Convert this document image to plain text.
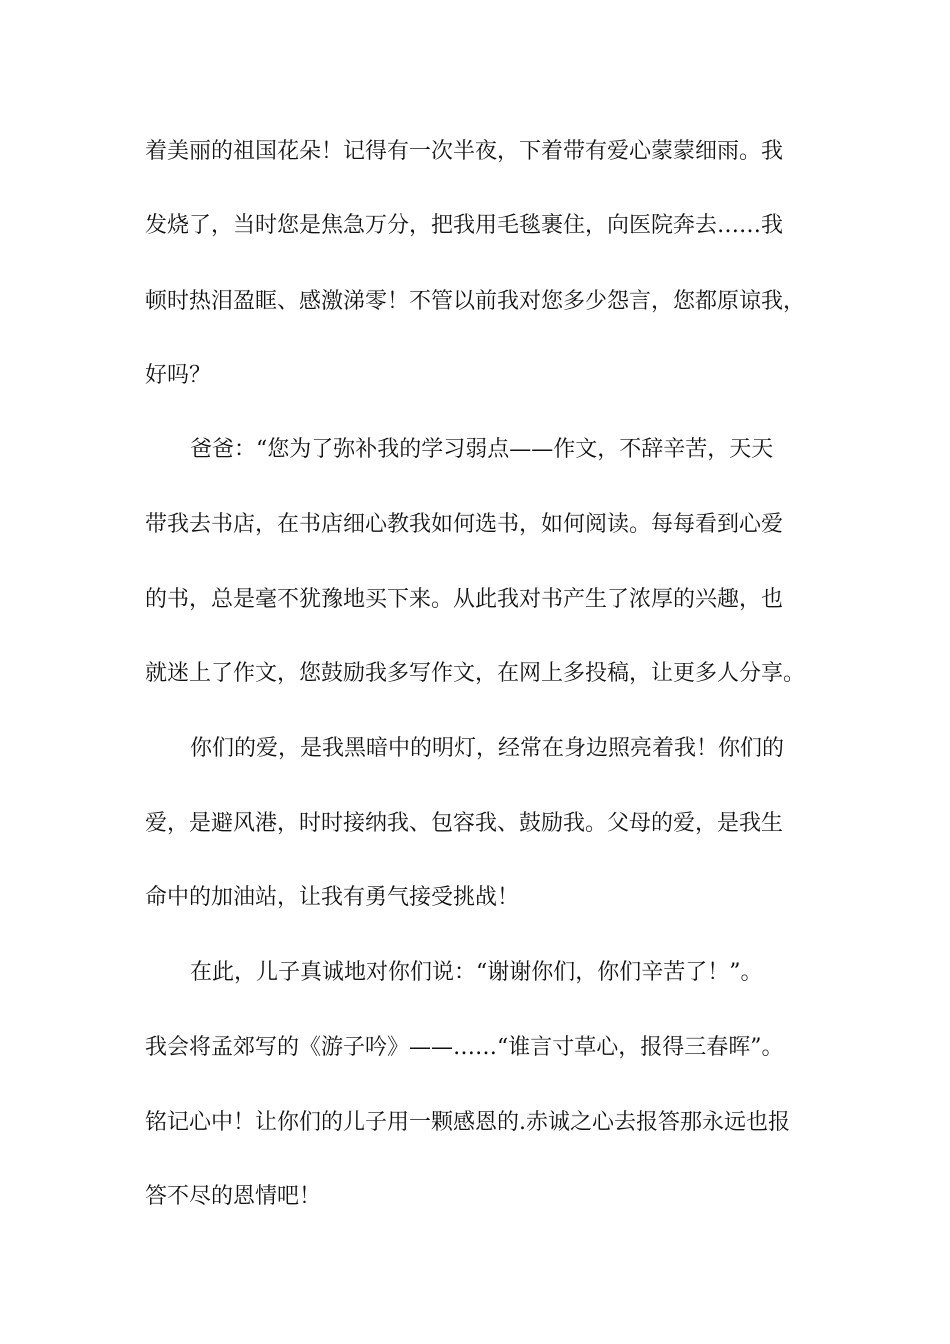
着美丽的祖国花朵！记得有一次半夜，下着带有爱心蒙蒙细雨。我
发烧了，当时您是焦急万分，把我用毛毯裹住，向医院奔去……我
顿时热泪盈眶、感激涕零！不管以前我对您多少怨言，您都原谅我，
好吗？
爸爸：“您为了弥补我的学习弱点——作文，不辞辛苦，天天
带我去书店，在书店细心教我如何选书，如何阅读。每每看到心爱
的书，总是毫不犹豫地买下来。从此我对书产生了浓厚的兴趣，也
就迷上了作文，您鼓励我多写作文，在网上多投稿，让更多人分享。
你们的爱，是我黑暗中的明灯，经常在身边照亮着我！你们的
爱，是避风港，时时接纳我、包容我、鼓励我。父母的爱，是我生
命中的加油站，让我有勇气接受挑战！
在此，儿子真诚地对你们说：“谢谢你们，你们辛苦了！”。
我会将孟郊写的《游子吟》——……“谁言寸草心，报得三春晖”。
铭记心中！让你们的儿子用一颗感恩的.赤诚之心去报答那永远也报
答不尽的恩情吧！
